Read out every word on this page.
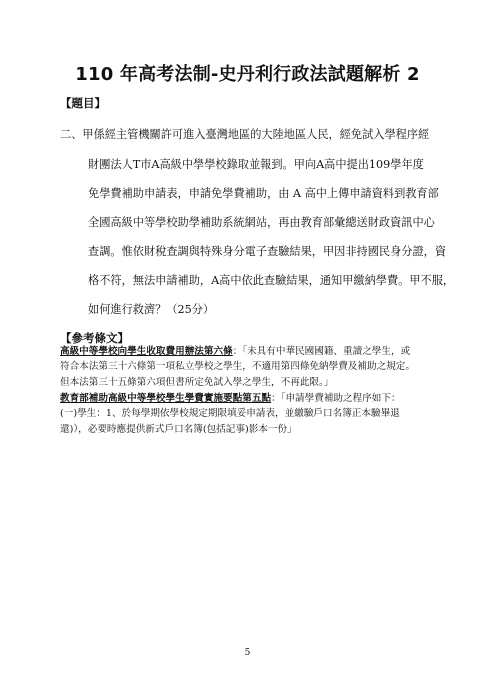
110 年高考法制-史丹利行政法試題解析 2
【題目】
二、甲係經主管機關許可進入臺灣地區的大陸地區人民，經免試入學程序經
財團法人T市A高級中學學校錄取並報到。甲向A高中提出109學年度
免學費補助申請表，申請免學費補助，由 A 高中上傳申請資料到教育部
全國高級中等學校助學補助系統網站，再由教育部彙總送財政資訊中心
查調。惟依財稅查調與特殊身分電子查驗結果，甲因非持國民身分證，資
格不符，無法申請補助，A高中依此查驗結果，通知甲繳納學費。甲不服，
如何進行救濟？（25分）
【參考條文】
高級中等學校向學生收取費用辦法第六條：「未具有中華民國國籍、重讀之學生，或
符合本法第三十六條第一項私立學校之學生，不適用第四條免納學費及補助之規定。
但本法第三十五條第六項但書所定免試入學之學生，不再此限。」
教育部補助高級中等學校學生學費實施要點第五點：「申請學費補助之程序如下：
(一)學生：1、於每學期依學校規定期限填妥申請表，並繳驗戶口名簿正本驗畢退
還)），必要時應提供新式戶口名簿(包括記事)影本一份」
5
